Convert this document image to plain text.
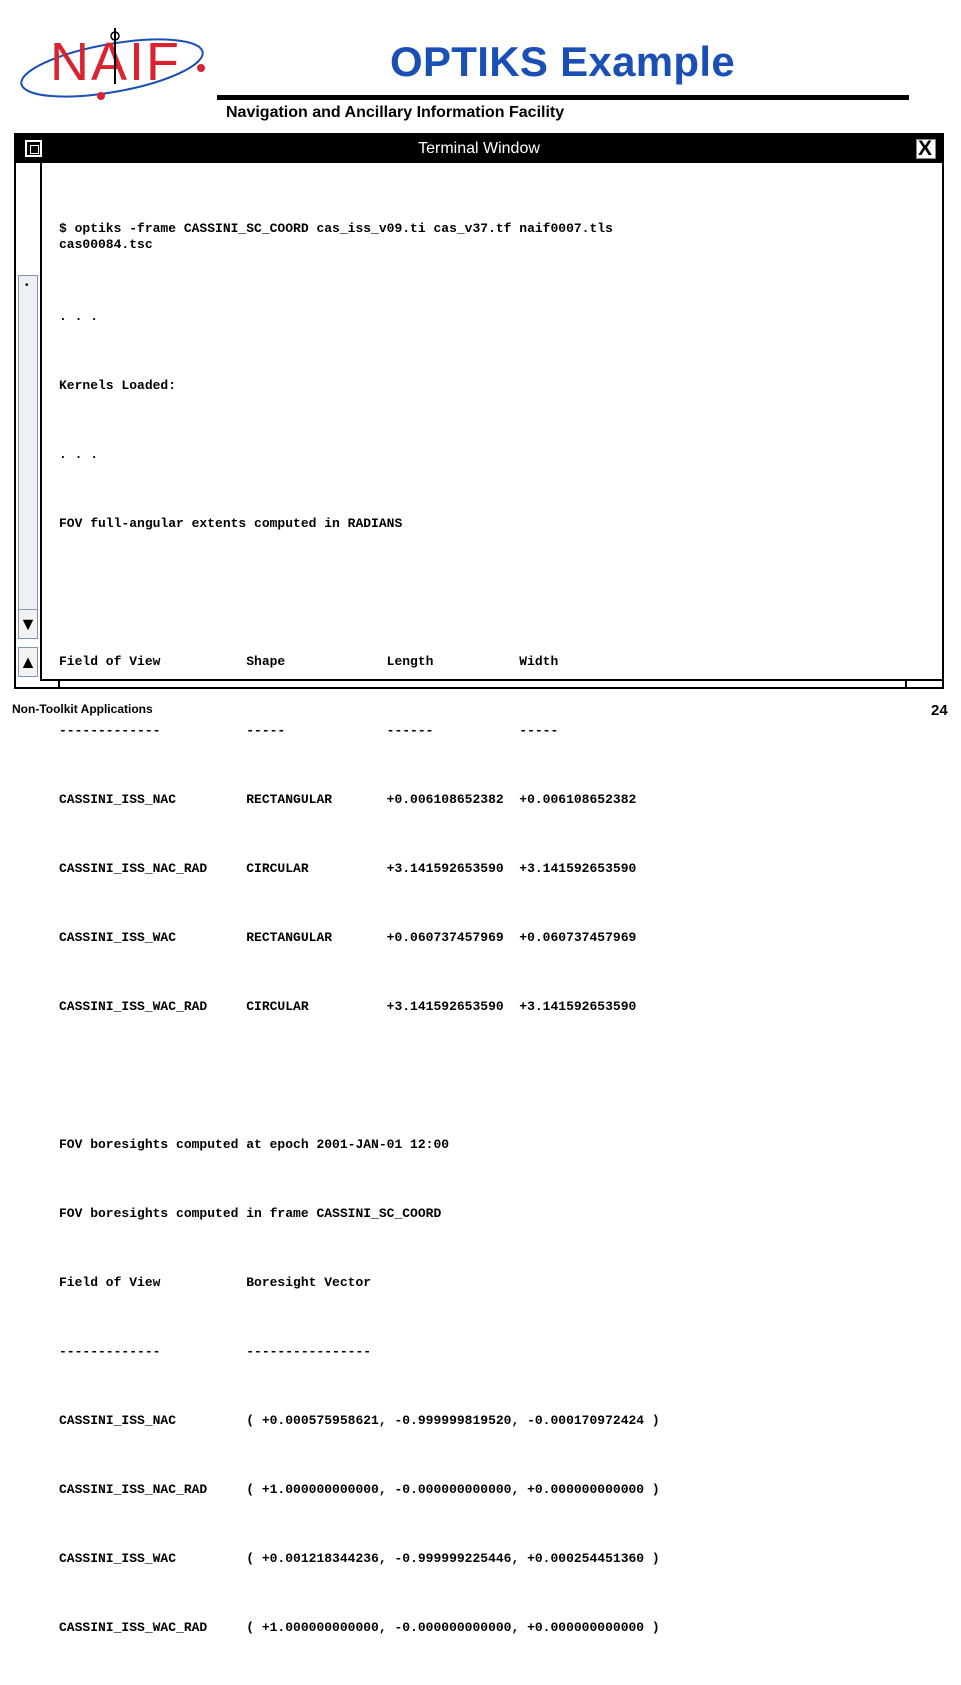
NAIF	OPTIKS Example
Navigation and Ancillary Information Facility
Terminal Window	X
•
▼
▲

$ optiks -frame CASSINI_SC_COORD cas_iss_v09.ti cas_v37.tf naif0007.tls
cas00084.tsc

. . .

Kernels Loaded:

. . .

FOV full-angular extents computed in RADIANS

Field of View           Shape             Length           Width

-------------           -----             ------           -----

CASSINI_ISS_NAC         RECTANGULAR       +0.006108652382  +0.006108652382

CASSINI_ISS_NAC_RAD     CIRCULAR          +3.141592653590  +3.141592653590

CASSINI_ISS_WAC         RECTANGULAR       +0.060737457969  +0.060737457969

CASSINI_ISS_WAC_RAD     CIRCULAR          +3.141592653590  +3.141592653590

FOV boresights computed at epoch 2001-JAN-01 12:00

FOV boresights computed in frame CASSINI_SC_COORD

Field of View           Boresight Vector

-------------           ----------------

CASSINI_ISS_NAC         ( +0.000575958621, -0.999999819520, -0.000170972424 )

CASSINI_ISS_NAC_RAD     ( +1.000000000000, -0.000000000000, +0.000000000000 )

CASSINI_ISS_WAC         ( +0.001218344236, -0.999999225446, +0.000254451360 )

CASSINI_ISS_WAC_RAD     ( +1.000000000000, -0.000000000000, +0.000000000000 )

Non-Toolkit Applications	24
